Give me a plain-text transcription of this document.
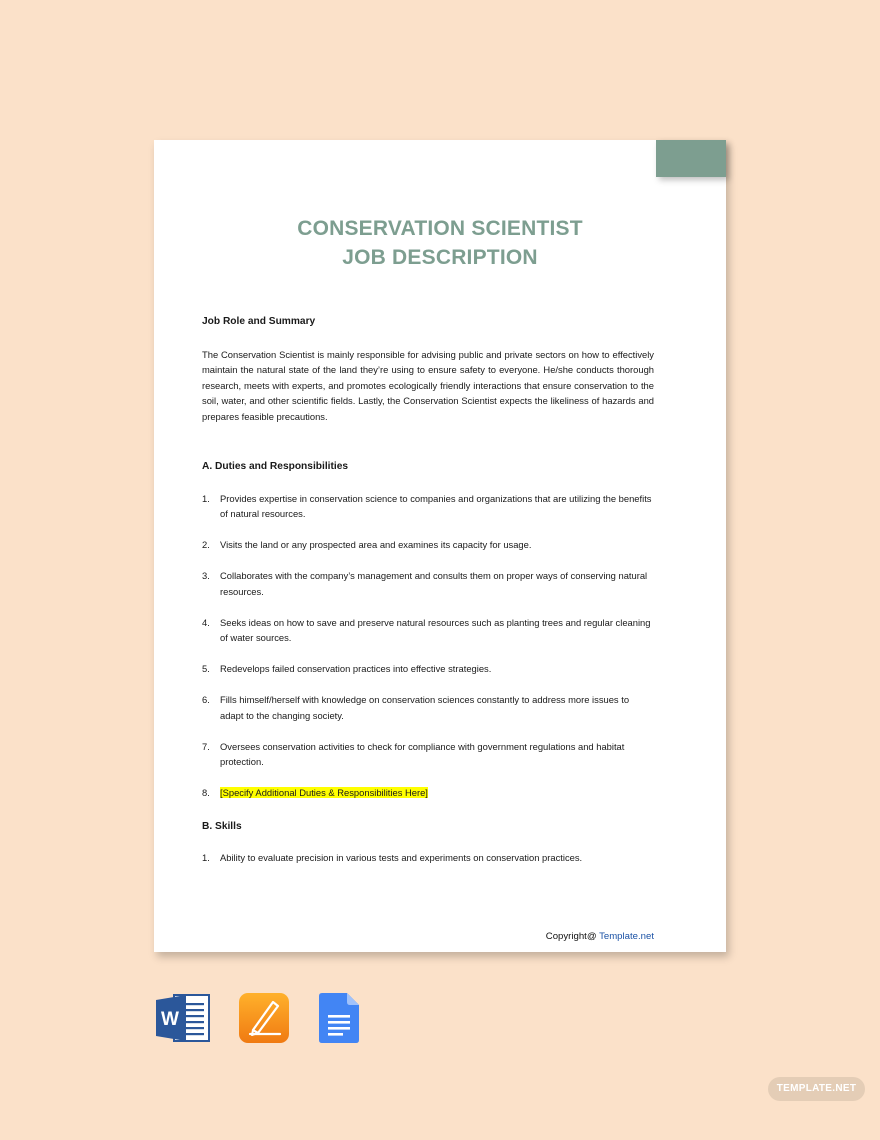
CONSERVATION SCIENTIST
JOB DESCRIPTION
Job Role and Summary
The Conservation Scientist is mainly responsible for advising public and private sectors on how to effectively maintain the natural state of the land they’re using to ensure safety to everyone. He/she conducts thorough research, meets with experts, and promotes ecologically friendly interactions that ensure conservation to the soil, water, and other scientific fields. Lastly, the Conservation Scientist expects the likeliness of hazards and prepares feasible precautions.
A. Duties and Responsibilities
1.	Provides expertise in conservation science to companies and organizations that are utilizing the benefits of natural resources.
2.	Visits the land or any prospected area and examines its capacity for usage.
3.	Collaborates with the company’s management and consults them on proper ways of conserving natural resources.
4.	Seeks ideas on how to save and preserve natural resources such as planting trees and regular cleaning of water sources.
5.	Redevelops failed conservation practices into effective strategies.
6.	Fills himself/herself with knowledge on conservation sciences constantly to address more issues to adapt to the changing society.
7.	Oversees conservation activities to check for compliance with government regulations and habitat protection.
8.	[Specify Additional Duties & Responsibilities Here]
B. Skills
1.	Ability to evaluate precision in various tests and experiments on conservation practices.
Copyright@ Template.net
W
TEMPLATE.NET
